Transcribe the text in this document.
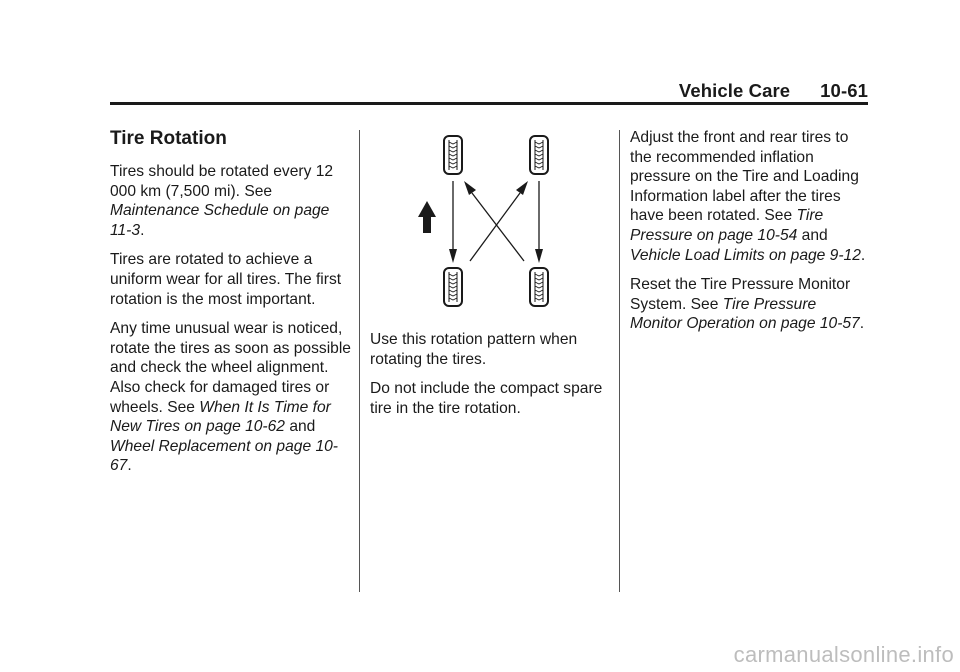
Vehicle Care 10-61
Tire Rotation

Tires should be rotated every 12 000 km (7,500 mi). See Maintenance Schedule on page 11-3.

Tires are rotated to achieve a uniform wear for all tires. The first rotation is the most important.

Any time unusual wear is noticed, rotate the tires as soon as possible and check the wheel alignment. Also check for damaged tires or wheels. See When It Is Time for New Tires on page 10-62 and Wheel Replacement on page 10-67.

Use this rotation pattern when rotating the tires.

Do not include the compact spare tire in the tire rotation.

Adjust the front and rear tires to the recommended inflation pressure on the Tire and Loading Information label after the tires have been rotated. See Tire Pressure on page 10-54 and Vehicle Load Limits on page 9-12.

Reset the Tire Pressure Monitor System. See Tire Pressure Monitor Operation on page 10-57.

carmanualsonline.info
